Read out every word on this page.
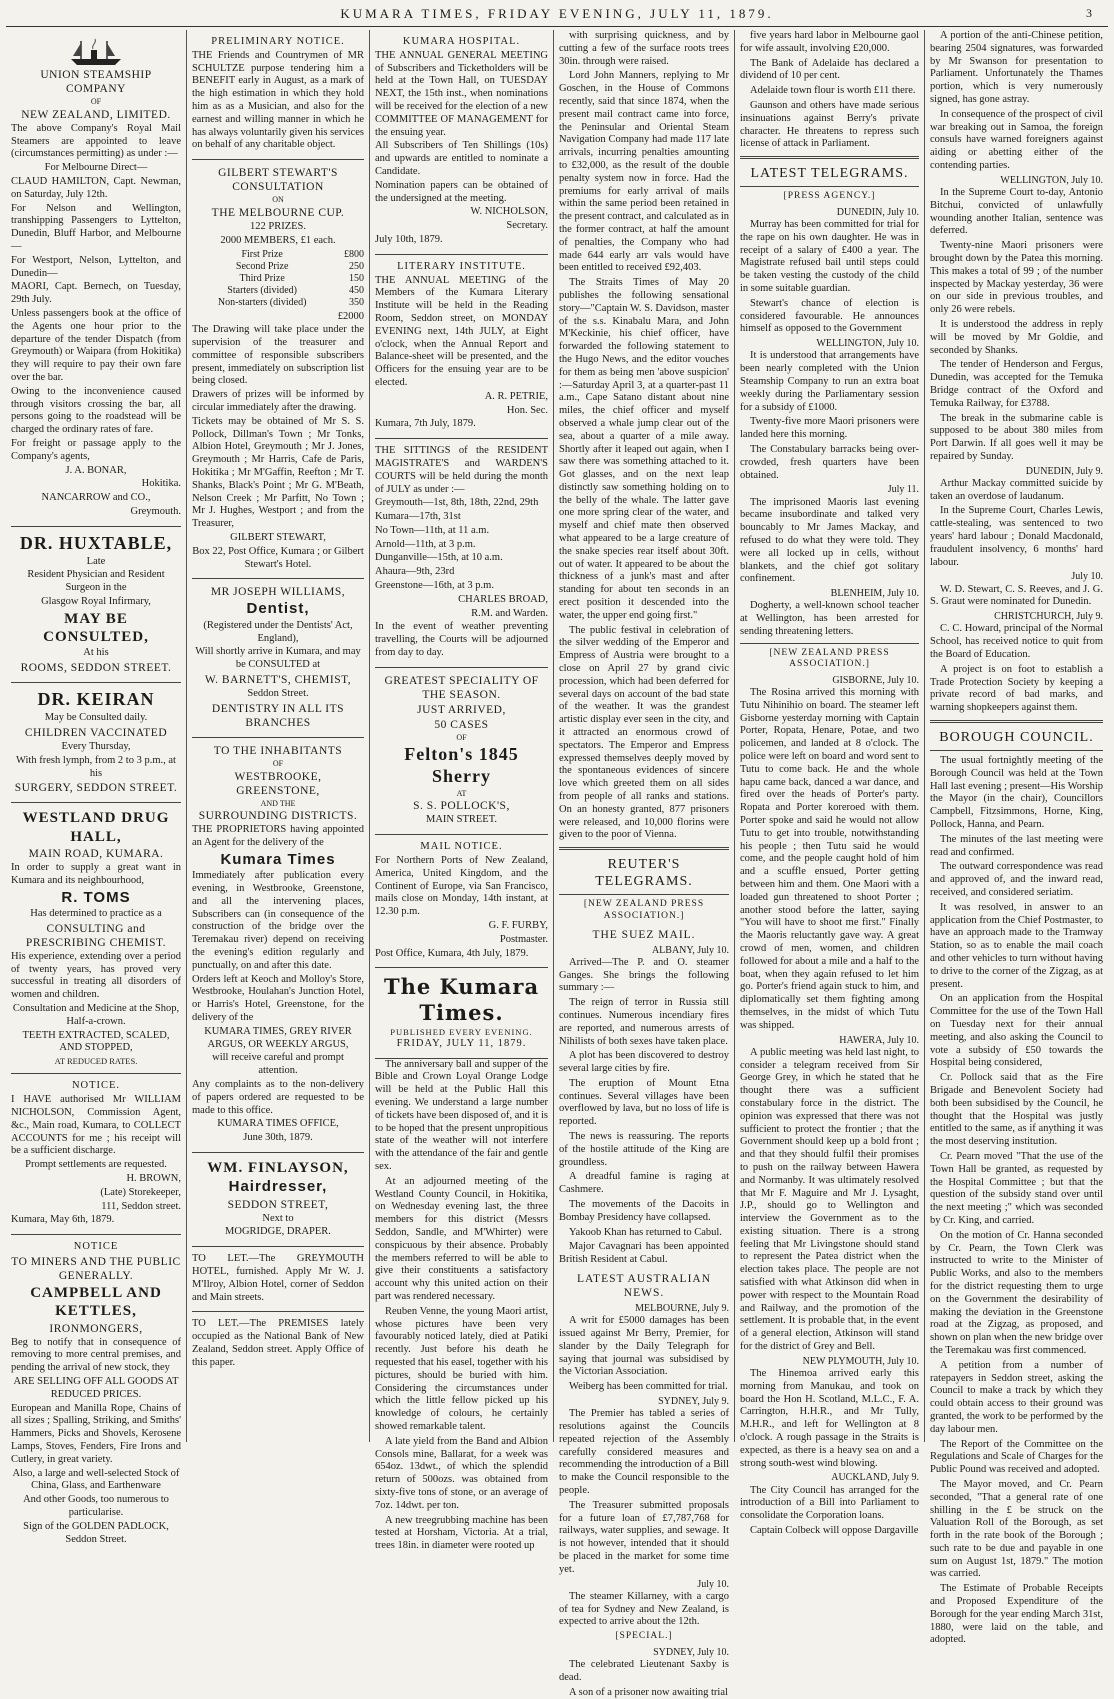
KUMARA TIMES, FRIDAY EVENING, JULY 11, 1879.	3

UNION STEAMSHIP COMPANY

OF

NEW ZEALAND, LIMITED.

The above Company's Royal Mail Steamers are appointed to leave (circumstances permitting) as under :—

For Melbourne Direct—

CLAUD HAMILTON, Capt. Newman, on Saturday, July 12th.

For Nelson and Wellington, transhipping Passengers to Lyttelton, Dunedin, Bluff Harbor, and Melbourne—

For Westport, Nelson, Lyttelton, and Dunedin—

MAORI, Capt. Bernech, on Tuesday, 29th July.

Unless passengers book at the office of the Agents one hour prior to the departure of the tender Dispatch (from Greymouth) or Waipara (from Hokitika) they will require to pay their own fare over the bar.

Owing to the inconvenience caused through visitors crossing the bar, all persons going to the roadstead will be charged the ordinary rates of fare.

For freight or passage apply to the Company's agents,

J. A. BONAR,

Hokitika.

NANCARROW and CO.,

Greymouth.

DR. HUXTABLE,

Late

Resident Physician and Resident Surgeon in the

Glasgow Royal Infirmary,

MAY BE CONSULTED,

At his

ROOMS, SEDDON STREET.

DR. KEIRAN

May be Consulted daily.

CHILDREN VACCINATED

Every Thursday,

With fresh lymph, from 2 to 3 p.m., at his

SURGERY, SEDDON STREET.

WESTLAND DRUG HALL,

MAIN ROAD, KUMARA.

In order to supply a great want in Kumara and its neighbourhood,

R. TOMS

Has determined to practice as a

CONSULTING and PRESCRIBING CHEMIST.

His experience, extending over a period of twenty years, has proved very successful in treating all disorders of women and children.

Consultation and Medicine at the Shop, Half-a-crown.

TEETH EXTRACTED, SCALED, AND STOPPED,

AT REDUCED RATES.

NOTICE.

I HAVE authorised Mr WILLIAM NICHOLSON, Commission Agent, &c., Main road, Kumara, to COLLECT ACCOUNTS for me ; his receipt will be a sufficient discharge.

Prompt settlements are requested.

H. BROWN,

(Late) Storekeeper,

111, Seddon street.

Kumara, May 6th, 1879.

NOTICE

TO MINERS AND THE PUBLIC GENERALLY.

CAMPBELL AND KETTLES,

IRONMONGERS,

Beg to notify that in consequence of removing to more central premises, and pending the arrival of new stock, they

ARE SELLING OFF ALL GOODS AT REDUCED PRICES.

European and Manilla Rope, Chains of all sizes ; Spalling, Striking, and Smiths' Hammers, Picks and Shovels, Kerosene Lamps, Stoves, Fenders, Fire Irons and Cutlery, in great variety.

Also, a large and well-selected Stock of China, Glass, and Earthenware

And other Goods, too numerous to particularise.

Sign of the GOLDEN PADLOCK, Seddon Street.

PRELIMINARY NOTICE.

THE Friends and Countrymen of MR SCHULTZE purpose tendering him a BENEFIT early in August, as a mark of the high estimation in which they hold him as as a Musician, and also for the earnest and willing manner in which he has always voluntarily given his services on behalf of any charitable object.

GILBERT STEWART'S CONSULTATION

ON

THE MELBOURNE CUP.

122 PRIZES.

2000 MEMBERS, £1 each.

First Prize	£800
Second Prize	250
Third Prize	150
Starters (divided)	450
Non-starters (divided)	350

£2000

The Drawing will take place under the supervision of the treasurer and committee of responsible subscribers present, immediately on subscription list being closed.

Drawers of prizes will be informed by circular immediately after the drawing.

Tickets may be obtained of Mr S. S. Pollock, Dillman's Town ; Mr Tonks, Albion Hotel, Greymouth ; Mr J. Jones, Greymouth ; Mr Harris, Cafe de Paris, Hokitika ; Mr M'Gaffin, Reefton ; Mr T. Shanks, Black's Point ; Mr G. M'Beath, Nelson Creek ; Mr Parfitt, No Town ; Mr J. Hughes, Westport ; and from the Treasurer,

GILBERT STEWART,

Box 22, Post Office, Kumara ; or Gilbert Stewart's Hotel.

MR JOSEPH WILLIAMS,

Dentist,

(Registered under the Dentists' Act, England),

Will shortly arrive in Kumara, and may be CONSULTED at

W. BARNETT'S, CHEMIST,

Seddon Street.

DENTISTRY IN ALL ITS BRANCHES

TO THE INHABITANTS

OF

WESTBROOKE, GREENSTONE,

AND THE

SURROUNDING DISTRICTS.

THE PROPRIETORS having appointed an Agent for the delivery of the

Kumara Times

Immediately after publication every evening, in Westbrooke, Greenstone, and all the intervening places, Subscribers can (in consequence of the construction of the bridge over the Teremakau river) depend on receiving the evening's edition regularly and punctually, on and after this date.

Orders left at Keoch and Molloy's Store, Westbrooke, Houlahan's Junction Hotel, or Harris's Hotel, Greenstone, for the delivery of the

KUMARA TIMES, GREY RIVER ARGUS, OR WEEKLY ARGUS,

will receive careful and prompt attention.

Any complaints as to the non-delivery of papers ordered are requested to be made to this office.

KUMARA TIMES OFFICE,

June 30th, 1879.

WM. FINLAYSON,

Hairdresser,

SEDDON STREET,

Next to

MOGRIDGE, DRAPER.

TO LET.—The GREYMOUTH HOTEL, furnished. Apply Mr W. J. M'Ilroy, Albion Hotel, corner of Seddon and Main streets.

TO LET.—The PREMISES lately occupied as the National Bank of New Zealand, Seddon street. Apply Office of this paper.

KUMARA HOSPITAL.

THE ANNUAL GENERAL MEETING of Subscribers and Ticketholders will be held at the Town Hall, on TUESDAY NEXT, the 15th inst., when nominations will be received for the election of a new COMMITTEE OF MANAGEMENT for the ensuing year.

All Subscribers of Ten Shillings (10s) and upwards are entitled to nominate a Candidate.

Nomination papers can be obtained of the undersigned at the meeting.

W. NICHOLSON,

Secretary.

July 10th, 1879.

LITERARY INSTITUTE.

THE ANNUAL MEETING of the Members of the Kumara Literary Institute will be held in the Reading Room, Seddon street, on MONDAY EVENING next, 14th JULY, at Eight o'clock, when the Annual Report and Balance-sheet will be presented, and the Officers for the ensuing year are to be elected.

A. R. PETRIE,

Hon. Sec.

Kumara, 7th July, 1879.

THE SITTINGS of the RESIDENT MAGISTRATE'S and WARDEN'S COURTS will be held during the month of JULY as under :—

Greymouth—1st, 8th, 18th, 22nd, 29th

Kumara—17th, 31st

No Town—11th, at 11 a.m.

Arnold—11th, at 3 p.m.

Dunganville—15th, at 10 a.m.

Ahaura—9th, 23rd

Greenstone—16th, at 3 p.m.

CHARLES BROAD,

R.M. and Warden.

In the event of weather preventing travelling, the Courts will be adjourned from day to day.

GREATEST SPECIALITY OF THE SEASON.

JUST ARRIVED,

50 CASES

OF

Felton's 1845 Sherry

AT

S. S. POLLOCK'S,

MAIN STREET.

MAIL NOTICE.

For Northern Ports of New Zealand, America, United Kingdom, and the Continent of Europe, via San Francisco, mails close on Monday, 14th instant, at 12.30 p.m.

G. F. FURBY,

Postmaster.

Post Office, Kumara, 4th July, 1879.

The Kumara Times.

PUBLISHED EVERY EVENING.

FRIDAY, JULY 11, 1879.

The anniversary ball and supper of the Bible and Crown Loyal Orange Lodge will be held at the Public Hall this evening. We understand a large number of tickets have been disposed of, and it is to be hoped that the present unpropitious state of the weather will not interfere with the attendance of the fair and gentle sex.

At an adjourned meeting of the Westland County Council, in Hokitika, on Wednesday evening last, the three members for this district (Messrs Seddon, Sandle, and M'Whirter) were conspicuous by their absence. Probably the members referred to will be able to give their constituents a satisfactory account why this united action on their part was rendered necessary.

Reuben Venne, the young Maori artist, whose pictures have been very favourably noticed lately, died at Patiki recently. Just before his death he requested that his easel, together with his pictures, should be buried with him. Considering the circumstances under which the little fellow picked up his knowledge of colours, he certainly showed remarkable talent.

A late yield from the Band and Albion Consols mine, Ballarat, for a week was 654oz. 13dwt., of which the splendid return of 500ozs. was obtained from sixty-five tons of stone, or an average of 7oz. 14dwt. per ton.

A new treegrubbing machine has been tested at Horsham, Victoria. At a trial, trees 18in. in diameter were rooted up

with surprising quickness, and by cutting a few of the surface roots trees 30in. through were raised.

Lord John Manners, replying to Mr Goschen, in the House of Commons recently, said that since 1874, when the present mail contract came into force, the Peninsular and Oriental Steam Navigation Company had made 117 late arrivals, incurring penalties amounting to £32,000, as the result of the double penalty system now in force. Had the premiums for early arrival of mails within the same period been retained in the present contract, and calculated as in the former contract, at half the amount of penalties, the Company who had made 644 early arr vals would have been entitled to received £92,403.

The Straits Times of May 20 publishes the following sensational story—"Captain W. S. Davidson, master of the s.s. Kinabalu Mara, and John M'Keckinie, his chief officer, have forwarded the following statement to the Hugo News, and the editor vouches for them as being men 'above suspicion' :—Saturday April 3, at a quarter-past 11 a.m., Cape Satano distant about nine miles, the chief officer and myself observed a whale jump clear out of the sea, about a quarter of a mile away. Shortly after it leaped out again, when I saw there was something attached to it. Got glasses, and on the next leap distinctly saw something holding on to the belly of the whale. The latter gave one more spring clear of the water, and myself and chief mate then observed what appeared to be a large creature of the snake species rear itself about 30ft. out of water. It appeared to be about the thickness of a junk's mast and after standing for about ten seconds in an erect position it descended into the water, the upper end going first."

The public festival in celebration of the silver wedding of the Emperor and Empress of Austria were brought to a close on April 27 by grand civic procession, which had been deferred for several days on account of the bad state of the weather. It was the grandest artistic display ever seen in the city, and it attracted an enormous crowd of spectators. The Emperor and Empress expressed themselves deeply moved by the spontaneous evidences of sincere love which greeted them on all sides from people of all ranks and stations. On an honesty granted, 877 prisoners were released, and 10,000 florins were given to the poor of Vienna.

REUTER'S TELEGRAMS.
[NEW ZEALAND PRESS ASSOCIATION.]
THE SUEZ MAIL.
ALBANY, July 10.

Arrived—The P. and O. steamer Ganges. She brings the following summary :—

The reign of terror in Russia still continues. Numerous incendiary fires are reported, and numerous arrests of Nihilists of both sexes have taken place.

A plot has been discovered to destroy several large cities by fire.

The eruption of Mount Etna continues. Several villages have been overflowed by lava, but no loss of life is reported.

The news is reassuring. The reports of the hostile attitude of the King are groundless.

A dreadful famine is raging at Cashmere.

The movements of the Dacoits in Bombay Presidency have collapsed.

Yakoob Khan has returned to Cabul.

Major Cavagnari has been appointed British Resident at Cabul.

LATEST AUSTRALIAN NEWS.
MELBOURNE, July 9.

A writ for £5000 damages has been issued against Mr Berry, Premier, for slander by the Daily Telegraph for saying that journal was subsidised by the Victorian Association.

Weiberg has been committed for trial.

SYDNEY, July 9.

The Premier has tabled a series of resolutions against the Councils repeated rejection of the Assembly carefully considered measures and recommending the introduction of a Bill to make the Council responsible to the people.

The Treasurer submitted proposals for a future loan of £7,787,768 for railways, water supplies, and sewage. It is not however, intended that it should be placed in the market for some time yet.

July 10.

The steamer Killarney, with a cargo of tea for Sydney and New Zealand, is expected to arrive about the 12th.

[SPECIAL.]
SYDNEY, July 10.

The celebrated Lieutenant Saxby is dead.

A son of a prisoner now awaiting trial

five years hard labor in Melbourne gaol for wife assault, involving £20,000.

The Bank of Adelaide has declared a dividend of 10 per cent.

Adelaide town flour is worth £11 there.

Gaunson and others have made serious insinuations against Berry's private character. He threatens to repress such license of attack in Parliament.

LATEST TELEGRAMS.
[PRESS AGENCY.]
DUNEDIN, July 10.

Murray has been committed for trial for the rape on his own daughter. He was in receipt of a salary of £400 a year. The Magistrate refused bail until steps could be taken vesting the custody of the child in some suitable guardian.

Stewart's chance of election is considered favourable. He announces himself as opposed to the Government

WELLINGTON, July 10.

It is understood that arrangements have been nearly completed with the Union Steamship Company to run an extra boat weekly during the Parliamentary session for a subsidy of £1000.

Twenty-five more Maori prisoners were landed here this morning.

The Constabulary barracks being over-crowded, fresh quarters have been obtained.

July 11.

The imprisoned Maoris last evening became insubordinate and talked very bouncably to Mr James Mackay, and refused to do what they were told. They were all locked up in cells, without blankets, and the chief got solitary confinement.

BLENHEIM, July 10.

Dogherty, a well-known school teacher at Wellington, has been arrested for sending threatening letters.

[NEW ZEALAND PRESS ASSOCIATION.]
GISBORNE, July 10.

The Rosina arrived this morning with Tutu Nihinihio on board. The steamer left Gisborne yesterday morning with Captain Porter, Ropata, Henare, Potae, and two policemen, and landed at 8 o'clock. The police were left on board and word sent to Tutu to come back. He and the whole hapu came back, danced a war dance, and fired over the heads of Porter's party. Ropata and Porter koreroed with them. Porter spoke and said he would not allow Tutu to get into trouble, notwithstanding his people ; then Tutu said he would come, and the people caught hold of him and a scuffle ensued, Porter getting between him and them. One Maori with a loaded gun threatened to shoot Porter ; another stood before the latter, saying "You will have to shoot me first." Finally the Maoris reluctantly gave way. A great crowd of men, women, and children followed for about a mile and a half to the boat, when they again refused to let him go. Porter's friend again stuck to him, and diplomatically set them fighting among themselves, in the midst of which Tutu was shipped.

HAWERA, July 10.

A public meeting was held last night, to consider a telegram received from Sir George Grey, in which he stated that he thought there was a sufficient constabulary force in the district. The opinion was expressed that there was not sufficient to protect the frontier ; that the Government should keep up a bold front ; and that they should fulfil their promises to push on the railway between Hawera and Normanby. It was ultimately resolved that Mr F. Maguire and Mr J. Lysaght, J.P., should go to Wellington and interview the Government as to the existing situation. There is a strong feeling that Mr Livingstone should stand to represent the Patea district when the election takes place. The people are not satisfied with what Atkinson did when in power with respect to the Mountain Road and Railway, and the promotion of the settlement. It is probable that, in the event of a general election, Atkinson will stand for the district of Grey and Bell.

NEW PLYMOUTH, July 10.

The Hinemoa arrived early this morning from Manukau, and took on board the Hon H. Scotland, M.L.C., F. A. Carrington, H.H.R., and Mr Tully, M.H.R., and left for Wellington at 8 o'clock. A rough passage in the Straits is expected, as there is a heavy sea on and a strong south-west wind blowing.

AUCKLAND, July 9.

The City Council has arranged for the introduction of a Bill into Parliament to consolidate the Corporation loans.

Captain Colbeck will oppose Dargaville

A portion of the anti-Chinese petition, bearing 2504 signatures, was forwarded by Mr Swanson for presentation to Parliament. Unfortunately the Thames portion, which is very numerously signed, has gone astray.

In consequence of the prospect of civil war breaking out in Samoa, the foreign consuls have warned foreigners against aiding or abetting either of the contending parties.

WELLINGTON, July 10.

In the Supreme Court to-day, Antonio Bitchui, convicted of unlawfully wounding another Italian, sentence was deferred.

Twenty-nine Maori prisoners were brought down by the Patea this morning. This makes a total of 99 ; of the number inspected by Mackay yesterday, 36 were on our side in previous troubles, and only 26 were rebels.

It is understood the address in reply will be moved by Mr Goldie, and seconded by Shanks.

The tender of Henderson and Fergus, Dunedin, was accepted for the Temuka Bridge contract of the Oxford and Temuka Railway, for £3788.

The break in the submarine cable is supposed to be about 380 miles from Port Darwin. If all goes well it may be repaired by Sunday.

DUNEDIN, July 9.

Arthur Mackay committed suicide by taken an overdose of laudanum.

In the Supreme Court, Charles Lewis, cattle-stealing, was sentenced to two years' hard labour ; Donald Macdonald, fraudulent insolvency, 6 months' hard labour.

July 10.

W. D. Stewart, C. S. Reeves, and J. G. S. Graut were nominated for Dunedin.

CHRISTCHURCH, July 9.

C. C. Howard, principal of the Normal School, has received notice to quit from the Board of Education.

A project is on foot to establish a Trade Protection Society by keeping a private record of bad marks, and warning shopkeepers against them.

BOROUGH COUNCIL.

The usual fortnightly meeting of the Borough Council was held at the Town Hall last evening ; present—His Worship the Mayor (in the chair), Councillors Campbell, Fitzsimmons, Horne, King, Pollock, Hanna, and Pearn.

The minutes of the last meeting were read and confirmed.

The outward correspondence was read and approved of, and the inward read, received, and considered seriatim.

It was resolved, in answer to an application from the Chief Postmaster, to have an approach made to the Tramway Station, so as to enable the mail coach and other vehicles to turn without having to drive to the corner of the Zigzag, as at present.

On an application from the Hospital Committee for the use of the Town Hall on Tuesday next for their annual meeting, and also asking the Council to vote a subsidy of £50 towards the Hospital being considered,

Cr. Pollock said that as the Fire Brigade and Benevolent Society had both been subsidised by the Council, he thought that the Hospital was justly entitled to the same, as if anything it was the most deserving institution.

Cr. Pearn moved "That the use of the Town Hall be granted, as requested by the Hospital Committee ; but that the question of the subsidy stand over until the next meeting ;" which was seconded by Cr. King, and carried.

On the motion of Cr. Hanna seconded by Cr. Pearn, the Town Clerk was instructed to write to the Minister of Public Works, and also to the members for the district requesting them to urge on the Government the desirability of making the deviation in the Greenstone road at the Zigzag, as proposed, and shown on plan when the new bridge over the Teremakau was first commenced.

A petition from a number of ratepayers in Seddon street, asking the Council to make a track by which they could obtain access to their ground was granted, the work to be performed by the day labour men.

The Report of the Committee on the Regulations and Scale of Charges for the Public Pound was received and adopted.

The Mayor moved, and Cr. Pearn seconded, "That a general rate of one shilling in the £ be struck on the Valuation Roll of the Borough, as set forth in the rate book of the Borough ; such rate to be due and payable in one sum on August 1st, 1879." The motion was carried.

The Estimate of Probable Receipts and Proposed Expenditure of the Borough for the year ending March 31st, 1880, were laid on the table, and adopted.
